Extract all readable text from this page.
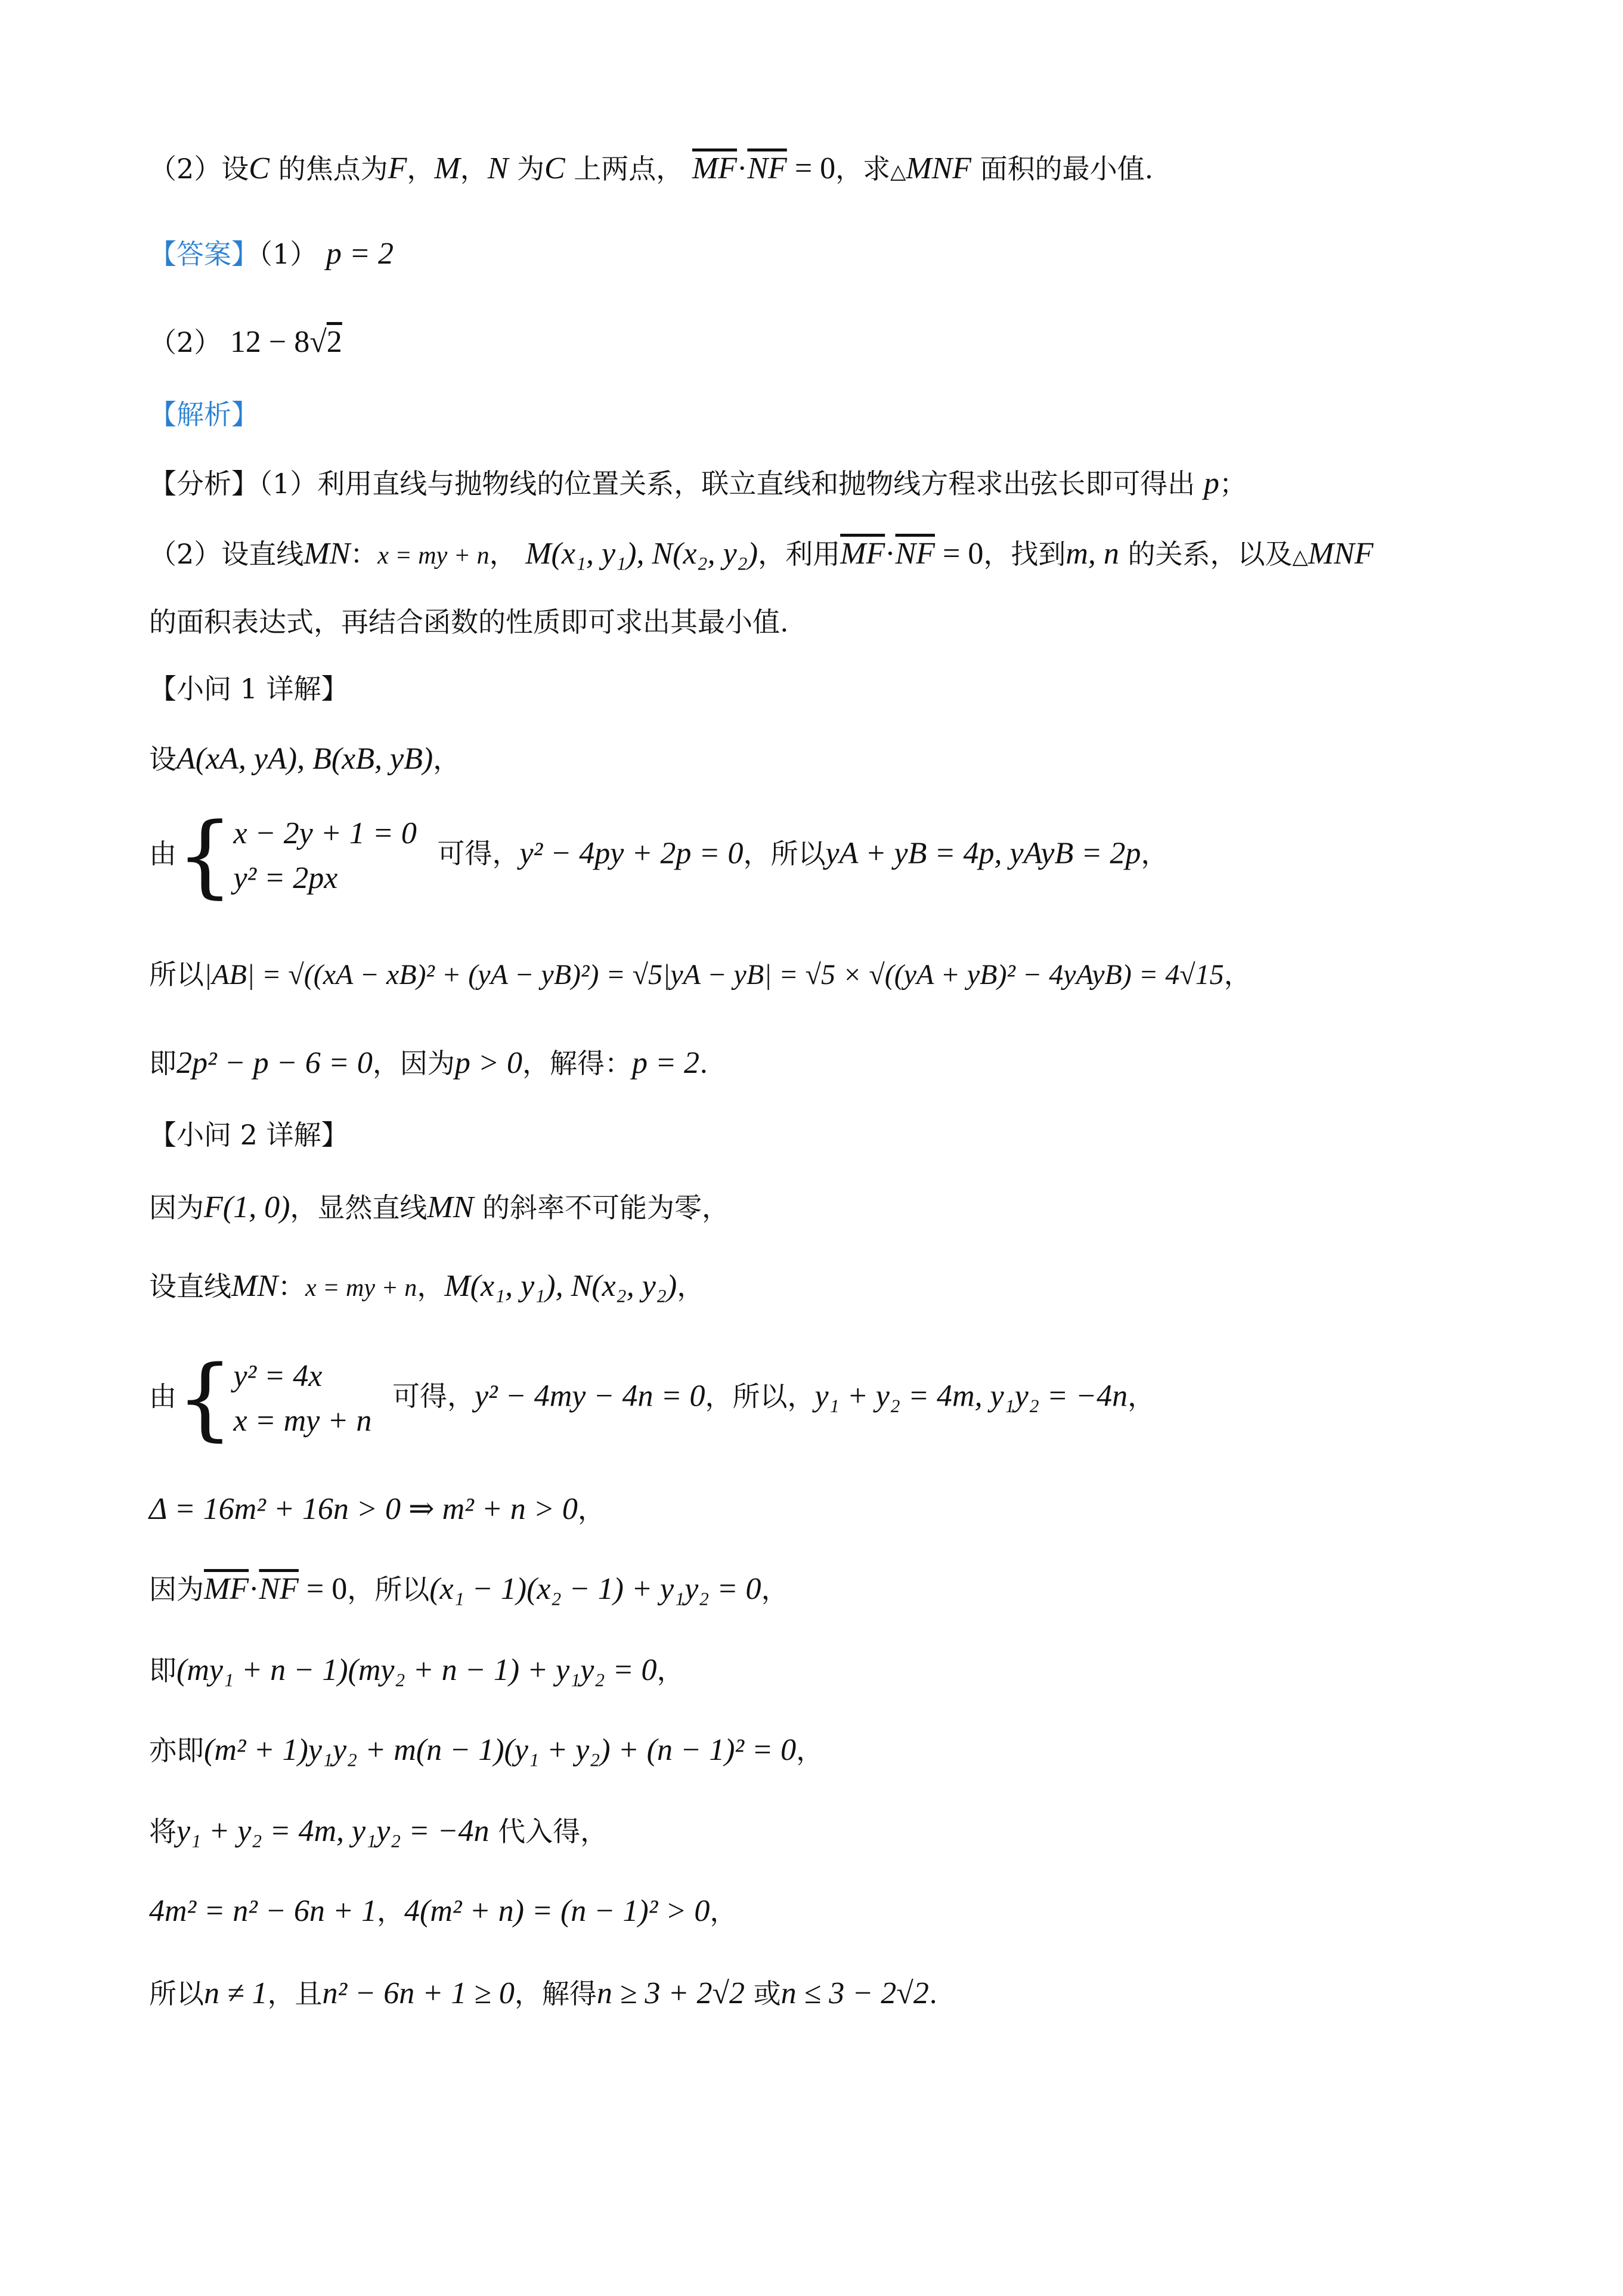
（2）设C 的焦点为F，M，N 为C 上两点， $\overline{MF}\cdot\overline{NF} = 0$，求△MNF 面积的最小值.
【答案】（1） p = 2
（2） 12 − 8√2
【解析】
【分析】（1）利用直线与抛物线的位置关系，联立直线和抛物线方程求出弦长即可得出 p；
（2）设直线MN：x = my + n， M(x₁, y₁), N(x₂, y₂)，利用$\overline{MF}\cdot\overline{NF} = 0$，找到m, n 的关系，以及△MNF
的面积表达式，再结合函数的性质即可求出其最小值.
【小问 1 详解】
设A(xA, yA), B(xB, yB)，
由{x − 2y + 1 = 0
y² = 2px 可得，y² − 4py + 2p = 0，所以yA + yB = 4p, yAyB = 2p，
所以|AB| = √((xA − xB)² + (yA − yB)²) = √5|yA − yB| = √5 × √((yA + yB)² − 4yAyB) = 4√15，
即2p² − p − 6 = 0，因为p > 0，解得：p = 2.
【小问 2 详解】
因为F(1, 0)，显然直线MN 的斜率不可能为零，
设直线MN：x = my + n，M(x₁, y₁), N(x₂, y₂)，
由{y² = 4x
x = my + n 可得，y² − 4my − 4n = 0，所以，y₁ + y₂ = 4m, y₁y₂ = −4n，
Δ = 16m² + 16n > 0 ⇒ m² + n > 0，
因为$\overline{MF}\cdot\overline{NF} = 0$，所以(x₁ − 1)(x₂ − 1) + y₁y₂ = 0，
即(my₁ + n − 1)(my₂ + n − 1) + y₁y₂ = 0，
亦即(m² + 1)y₁y₂ + m(n − 1)(y₁ + y₂) + (n − 1)² = 0，
将y₁ + y₂ = 4m, y₁y₂ = −4n 代入得，
4m² = n² − 6n + 1，4(m² + n) = (n − 1)² > 0，
所以n ≠ 1，且n² − 6n + 1 ≥ 0，解得n ≥ 3 + 2√2 或n ≤ 3 − 2√2.
